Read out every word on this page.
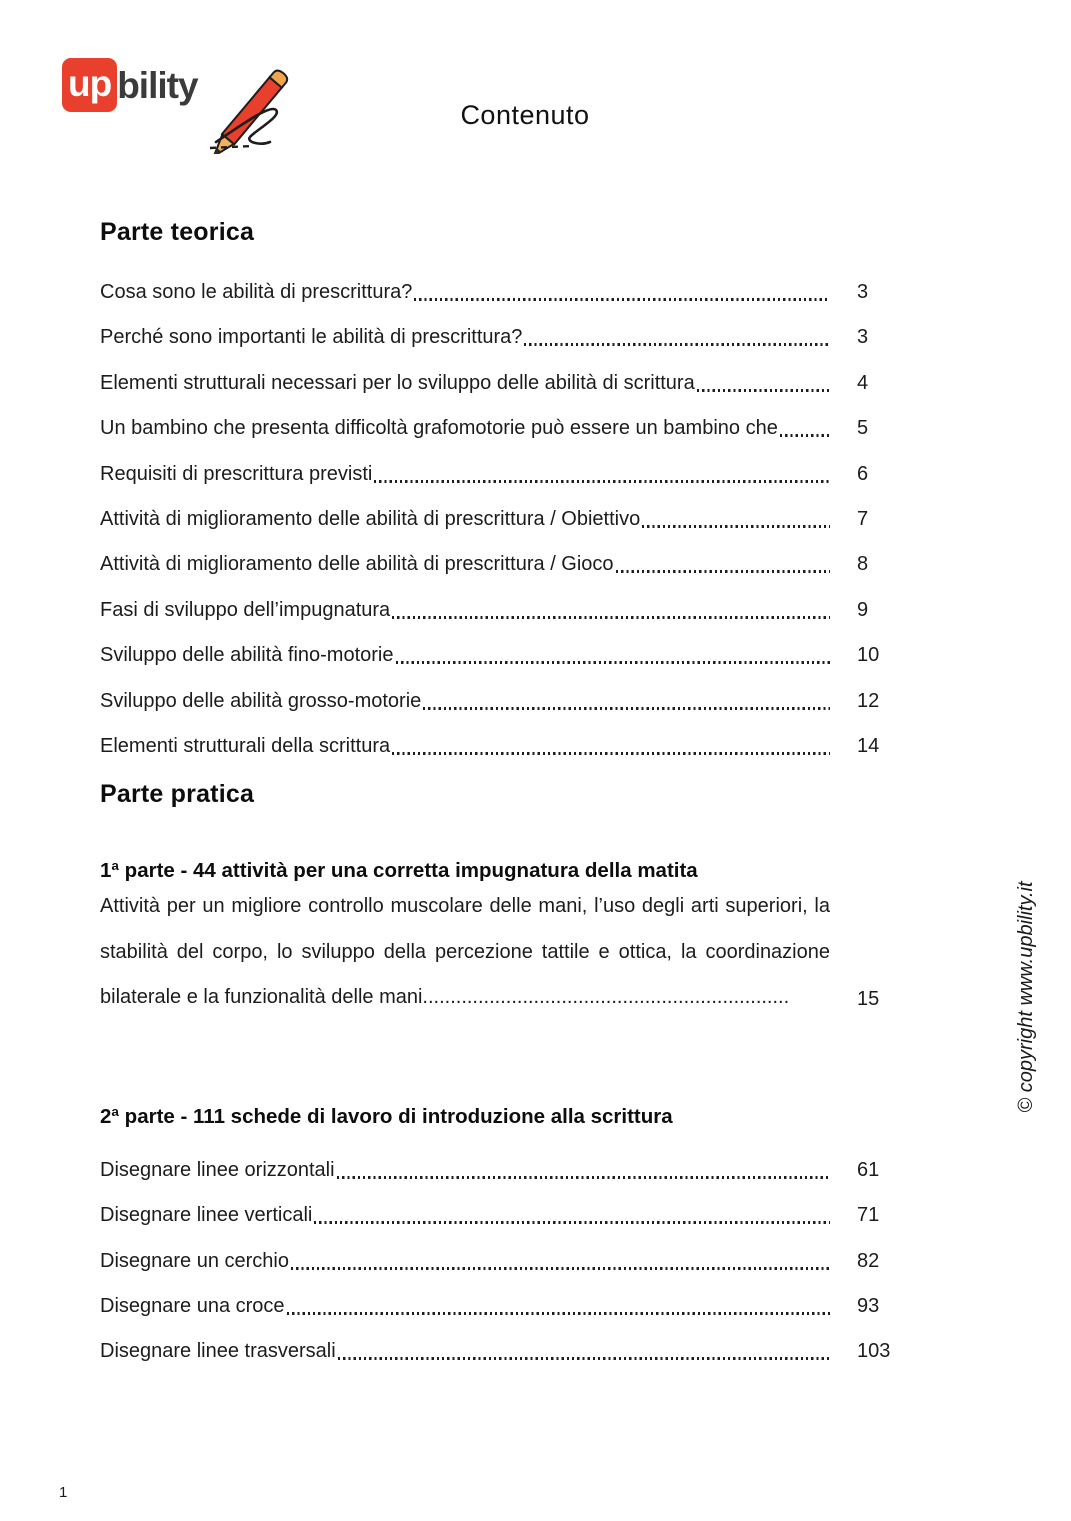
up bility
Contenuto
Parte teorica
Cosa sono le abilità di prescrittura?	3
Perché sono importanti le abilità di prescrittura?	3
Elementi strutturali necessari per lo sviluppo delle abilità di scrittura	4
Un bambino che presenta difficoltà grafomotorie può essere un bambino che	5
Requisiti di prescrittura previsti	6
Attività di miglioramento delle abilità di prescrittura / Obiettivo	7
Attività di miglioramento delle abilità di prescrittura / Gioco	8
Fasi di sviluppo dell’impugnatura	9
Sviluppo delle abilità fino-motorie	10
Sviluppo delle abilità grosso-motorie	12
Elementi strutturali della scrittura	14
Parte pratica
1ª parte - 44 attività per una corretta impugnatura della matita
Attività per un migliore controllo muscolare delle mani, l’uso degli arti superiori, la stabilità del corpo, lo sviluppo della percezione tattile e ottica, la coordinazione bilaterale e la funzionalità delle mani..................................................................	15
2ª parte - 111 schede di lavoro di introduzione alla scrittura
Disegnare linee orizzontali	61
Disegnare linee verticali	71
Disegnare un cerchio	82
Disegnare una croce	93
Disegnare linee trasversali	103
© copyright www.upbility.it
1
